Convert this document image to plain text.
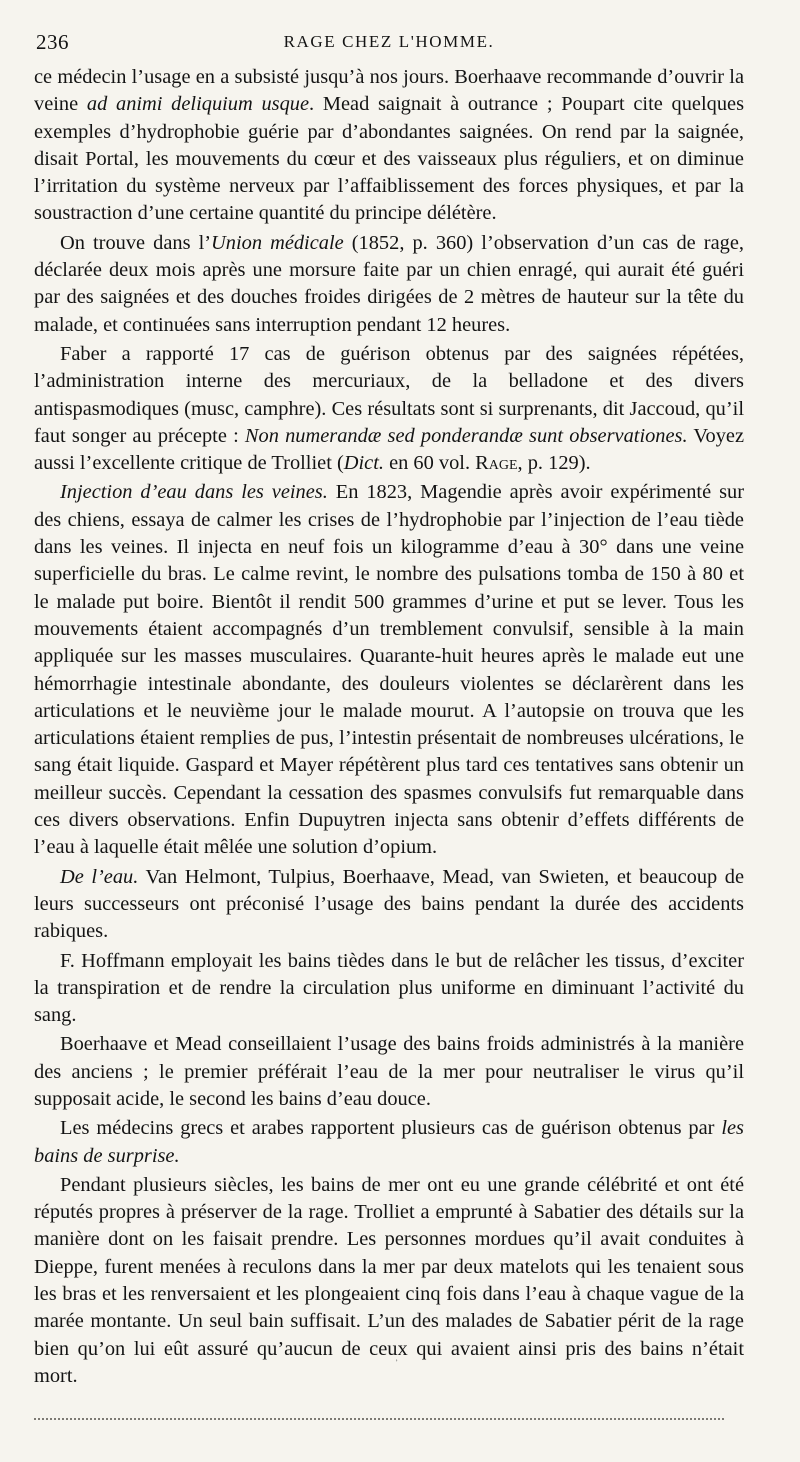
236	RAGE CHEZ L'HOMME.

ce médecin l’usage en a subsisté jusqu’à nos jours. Boerhaave recommande d’ouvrir la veine ad animi deliquium usque. Mead saignait à outrance ; Poupart cite quelques exemples d’hydrophobie guérie par d’abondantes saignées. On rend par la saignée, disait Portal, les mouvements du cœur et des vaisseaux plus réguliers, et on diminue l’irritation du système nerveux par l’affaiblissement des forces physiques, et par la soustraction d’une certaine quantité du principe délétère.

On trouve dans l’Union médicale (1852, p. 360) l’observation d’un cas de rage, déclarée deux mois après une morsure faite par un chien enragé, qui aurait été guéri par des saignées et des douches froides dirigées de 2 mètres de hauteur sur la tête du malade, et continuées sans interruption pendant 12 heures.

Faber a rapporté 17 cas de guérison obtenus par des saignées répétées, l’administration interne des mercuriaux, de la belladone et des divers antispasmodiques (musc, camphre). Ces résultats sont si surprenants, dit Jaccoud, qu’il faut songer au précepte : Non numerandæ sed ponderandæ sunt observationes. Voyez aussi l’excellente critique de Trolliet (Dict. en 60 vol. Rage, p. 129).

Injection d’eau dans les veines. En 1823, Magendie après avoir expérimenté sur des chiens, essaya de calmer les crises de l’hydrophobie par l’injection de l’eau tiède dans les veines. Il injecta en neuf fois un kilogramme d’eau à 30° dans une veine superficielle du bras. Le calme revint, le nombre des pulsations tomba de 150 à 80 et le malade put boire. Bientôt il rendit 500 grammes d’urine et put se lever. Tous les mouvements étaient accompagnés d’un tremblement convulsif, sensible à la main appliquée sur les masses musculaires. Quarante-huit heures après le malade eut une hémorrhagie intestinale abondante, des douleurs violentes se déclarèrent dans les articulations et le neuvième jour le malade mourut. A l’autopsie on trouva que les articulations étaient remplies de pus, l’intestin présentait de nombreuses ulcérations, le sang était liquide. Gaspard et Mayer répétèrent plus tard ces tentatives sans obtenir un meilleur succès. Cependant la cessation des spasmes convulsifs fut remarquable dans ces divers observations. Enfin Dupuytren injecta sans obtenir d’effets différents de l’eau à laquelle était mêlée une solution d’opium.

De l’eau. Van Helmont, Tulpius, Boerhaave, Mead, van Swieten, et beaucoup de leurs successeurs ont préconisé l’usage des bains pendant la durée des accidents rabiques.

F. Hoffmann employait les bains tièdes dans le but de relâcher les tissus, d’exciter la transpiration et de rendre la circulation plus uniforme en diminuant l’activité du sang.

Boerhaave et Mead conseillaient l’usage des bains froids administrés à la manière des anciens ; le premier préférait l’eau de la mer pour neutraliser le virus qu’il supposait acide, le second les bains d’eau douce.

Les médecins grecs et arabes rapportent plusieurs cas de guérison obtenus par les bains de surprise.

Pendant plusieurs siècles, les bains de mer ont eu une grande célébrité et ont été réputés propres à préserver de la rage. Trolliet a emprunté à Sabatier des détails sur la manière dont on les faisait prendre. Les personnes mordues qu’il avait conduites à Dieppe, furent menées à reculons dans la mer par deux matelots qui les tenaient sous les bras et les renversaient et les plongeaient cinq fois dans l’eau à chaque vague de la marée montante. Un seul bain suffisait. L’un des malades de Sabatier périt de la rage bien qu’on lui eût assuré qu’aucun de ceux qui avaient ainsi pris des bains n’était mort.
